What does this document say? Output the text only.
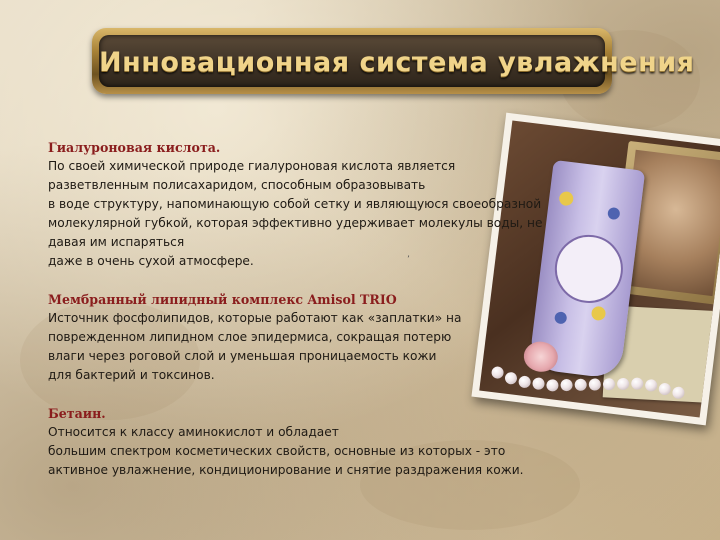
Инновационная система увлажнения
Гиалуроновая кислота.
По своей химической природе гиалуроновая кислота является
разветвленным полисахаридом, способным образовывать
в воде структуру, напоминающую собой сетку и являющуюся своеобразной
молекулярной губкой, которая эффективно удерживает молекулы воды, не
давая им испаряться
даже в очень сухой атмосфере.
Мембранный липидный комплекс Amisol TRIO
Источник фосфолипидов, которые работают как «заплатки» на
поврежденном липидном слое эпидермиса, сокращая потерю
влаги через роговой слой и уменьшая проницаемость кожи
для бактерий и токсинов.
Бетаин.
Относится к классу аминокислот и обладает
большим спектром косметических свойств, основные из которых - это
активное увлажнение, кондиционирование и снятие раздражения кожи.
’
